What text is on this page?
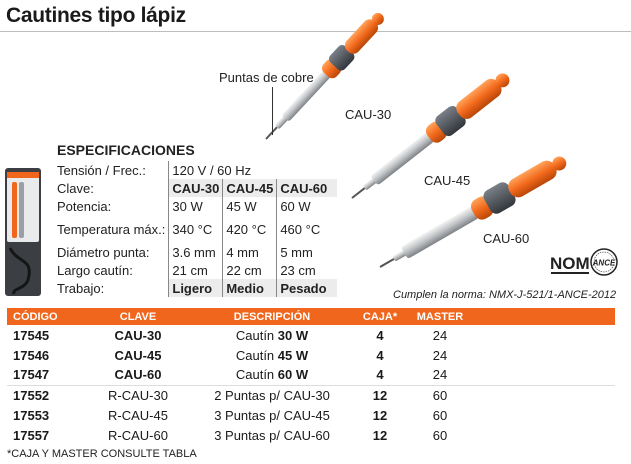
Cautines tipo lápiz
Puntas de cobre
CAU-30
CAU-45
CAU-60
ESPECIFICACIONES
Tensión / Frec.:	120 V / 60 Hz		
Clave:	CAU-30	CAU-45	CAU-60
Potencia:	30 W	45 W	60 W
Temperatura máx.:	340 °C	420 °C	460 °C
Diámetro punta:	3.6 mm	4 mm	5 mm
Largo cautín:	21 cm	22 cm	23 cm
Trabajo:	Ligero	Medio	Pesado
NOM ANCE
Cumplen la norma: NMX-J-521/1-ANCE-2012
CÓDIGO	CLAVE	DESCRIPCIÓN	CAJA*	MASTER	
17545	CAU-30	Cautín 30 W	4	24	
17546	CAU-45	Cautín 45 W	4	24	
17547	CAU-60	Cautín 60 W	4	24	
17552	R-CAU-30	2 Puntas p/ CAU-30	12	60	
17553	R-CAU-45	3 Puntas p/ CAU-45	12	60	
17557	R-CAU-60	3 Puntas p/ CAU-60	12	60	
*CAJA Y MASTER CONSULTE TABLA
